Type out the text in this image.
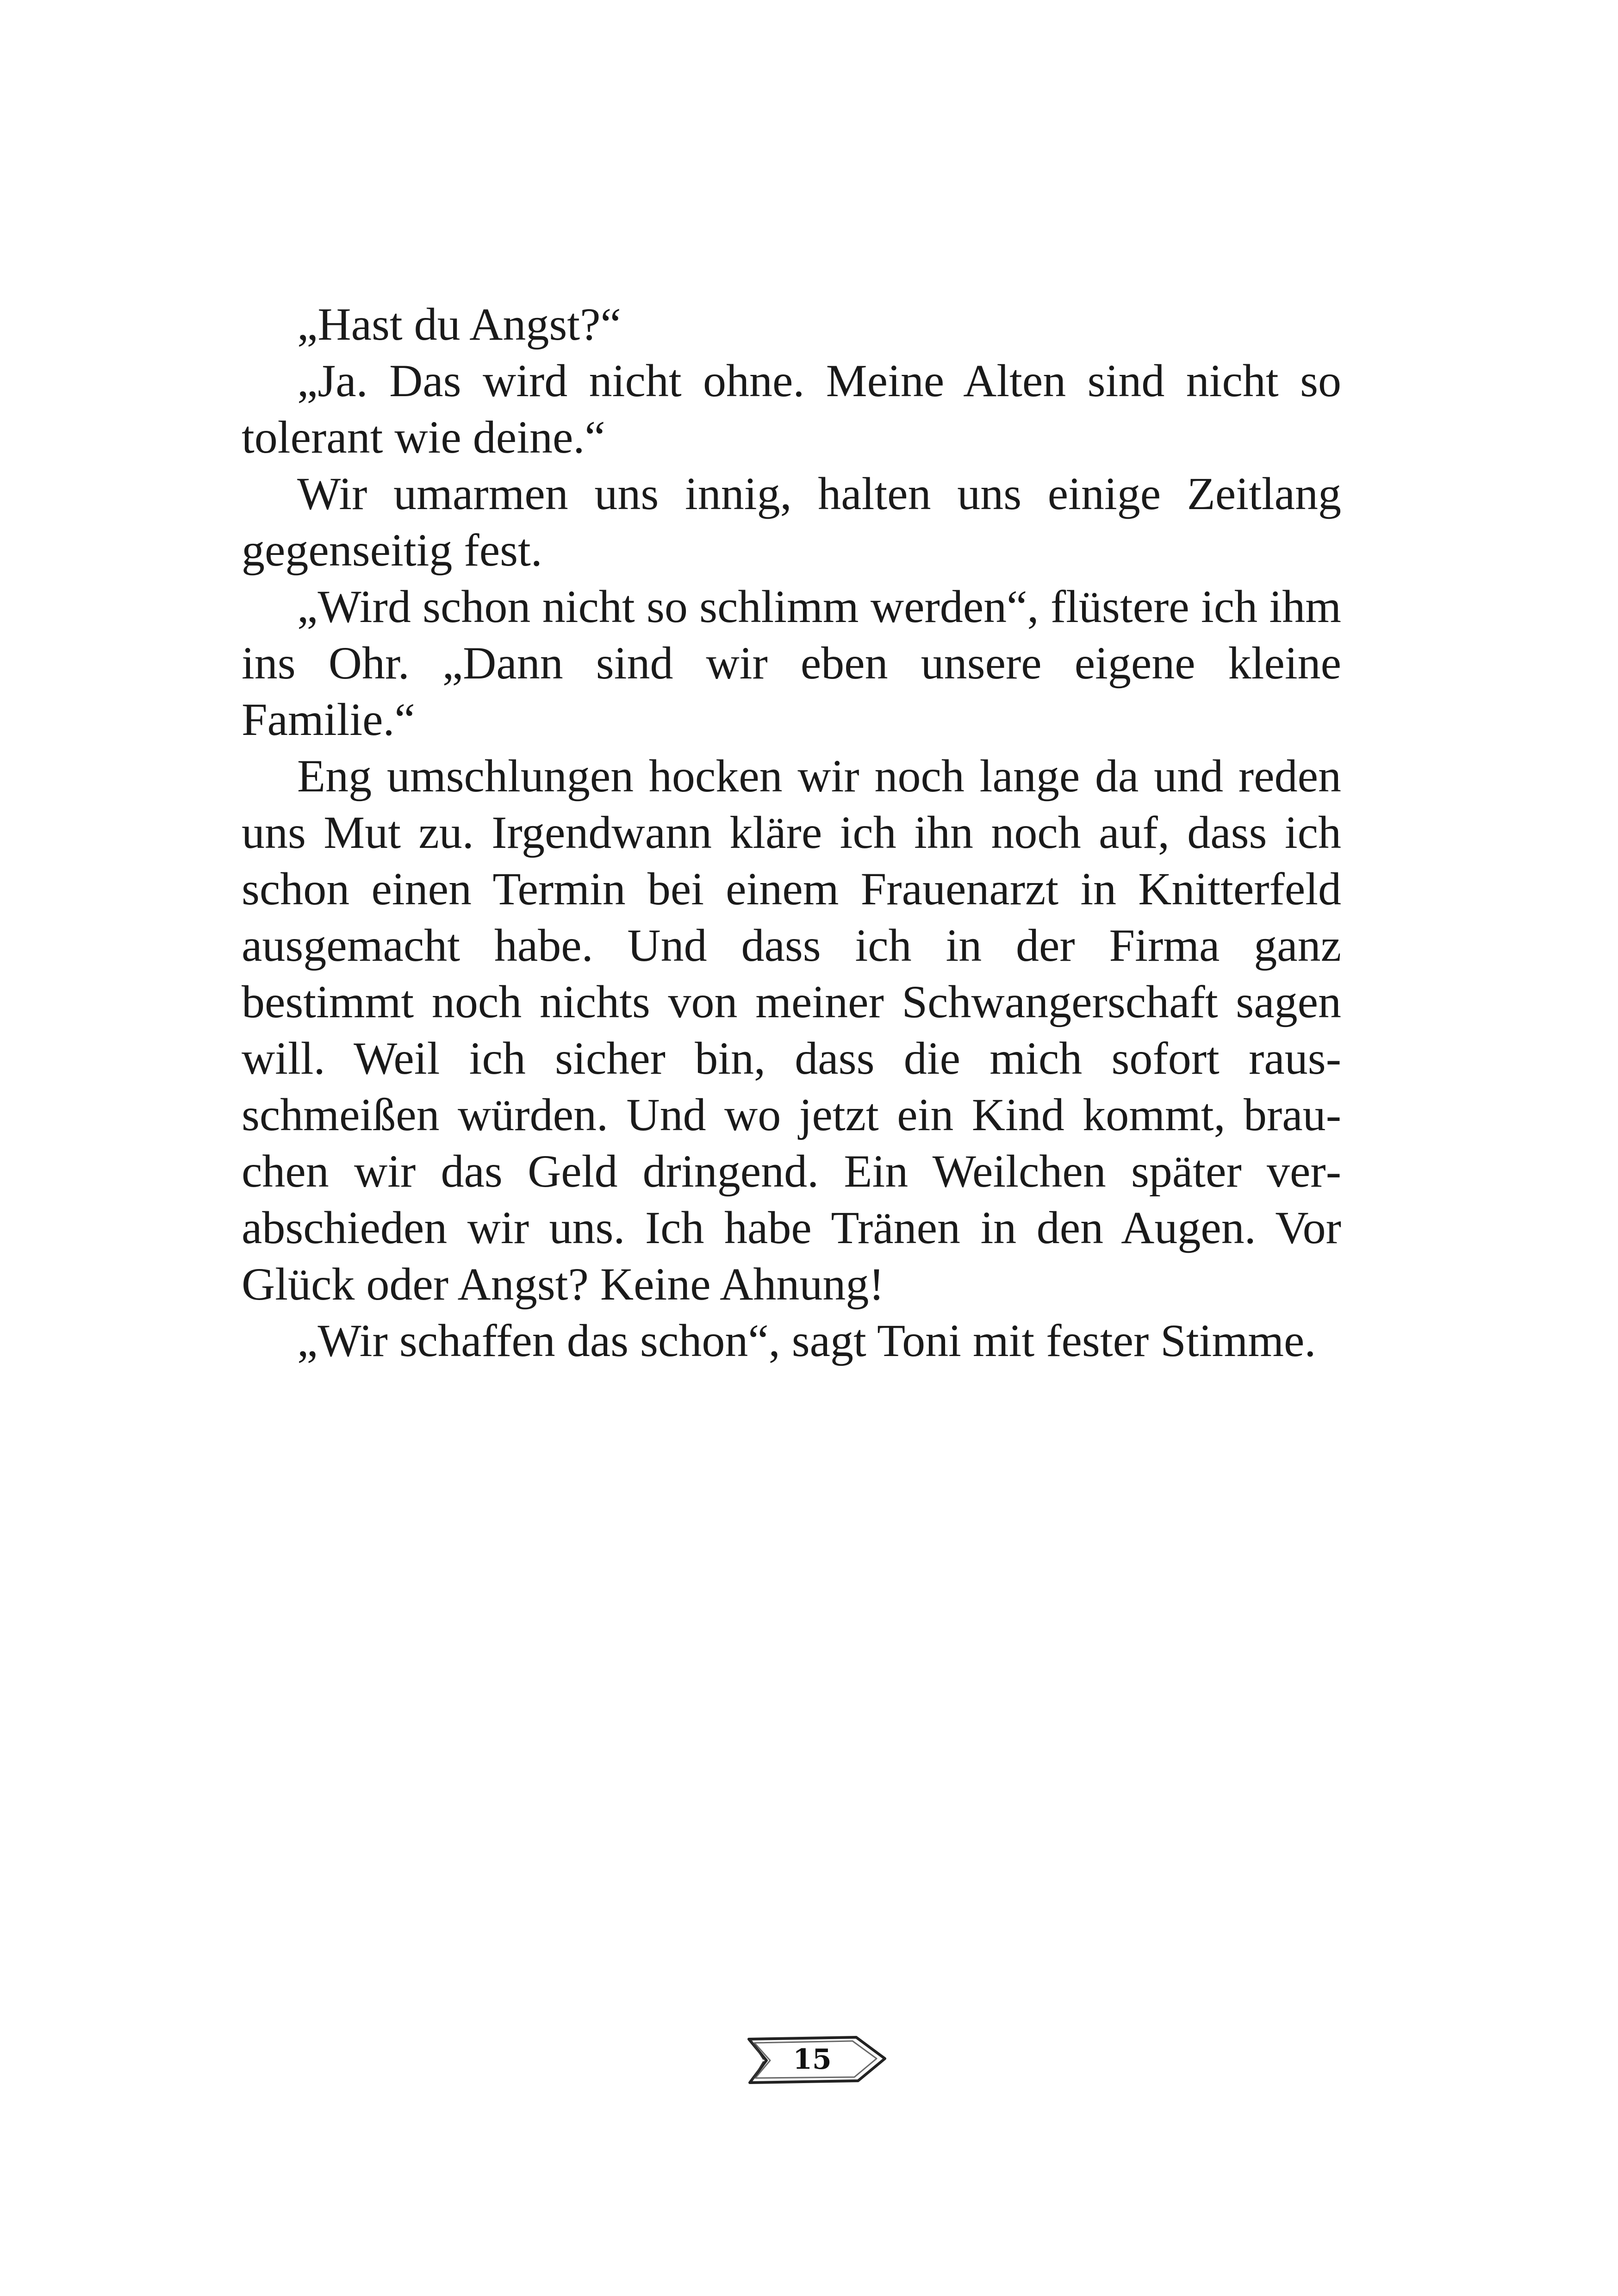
„Hast du Angst?“

„Ja. Das wird nicht ohne. Meine Alten sind nicht so tolerant wie deine.“

Wir umarmen uns innig, halten uns einige Zeitlang gegenseitig fest.

„Wird schon nicht so schlimm werden“, flüstere ich ihm ins Ohr. „Dann sind wir eben unsere eigene kleine Familie.“

Eng umschlungen hocken wir noch lange da und reden uns Mut zu. Irgendwann kläre ich ihn noch auf, dass ich schon einen Termin bei einem Frauenarzt in Knitterfeld ausgemacht habe. Und dass ich in der Firma ganz bestimmt noch nichts von meiner Schwangerschaft sagen will. Weil ich sicher bin, dass die mich sofort rausschmeißen würden. Und wo jetzt ein Kind kommt, brauchen wir das Geld dringend. Ein Weilchen später verabschieden wir uns. Ich habe Tränen in den Augen. Vor Glück oder Angst? Keine Ahnung!

„Wir schaffen das schon“, sagt Toni mit fester Stimme.

15
